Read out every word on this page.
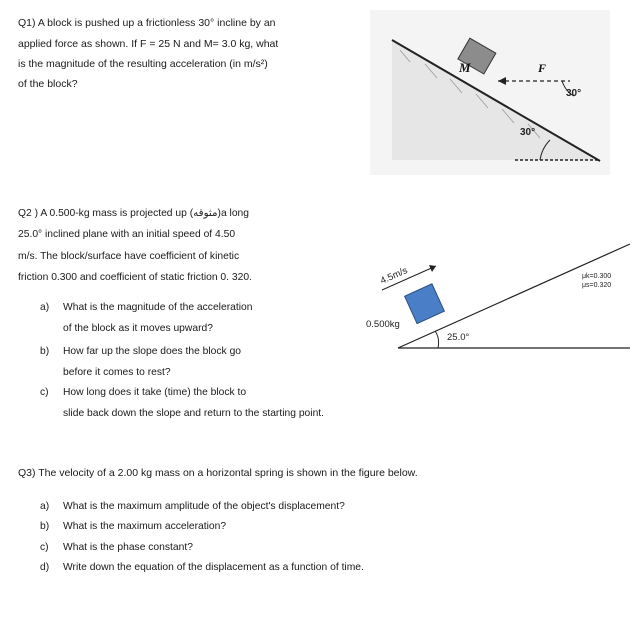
Q1) A block is pushed up a frictionless 30° incline by an
applied force as shown. If F = 25 N and M= 3.0 kg, what
is the magnitude of the resulting acceleration (in m/s²)
of the block?
M	F
30°
30°
Q2 ) A 0.500-kg mass is projected up (مثوقه)a long
25.0° inclined plane with an initial speed of 4.50
m/s. The block/surface have coefficient of kinetic
friction 0.300 and coefficient of static friction 0. 320.
a) What is the magnitude of the acceleration
of the block as it moves upward?
b) How far up the slope does the block go
before it comes to rest?
c) How long does it take (time) the block to
slide back down the slope and return to the starting point.
4.5m/s
0.500kg
25.0°
μk=0.300
μs=0.320
Q3) The velocity of a 2.00 kg mass on a horizontal spring is shown in the figure below.
a) What is the maximum amplitude of the object's displacement?
b) What is the maximum acceleration?
c) What is the phase constant?
d) Write down the equation of the displacement as a function of time.
